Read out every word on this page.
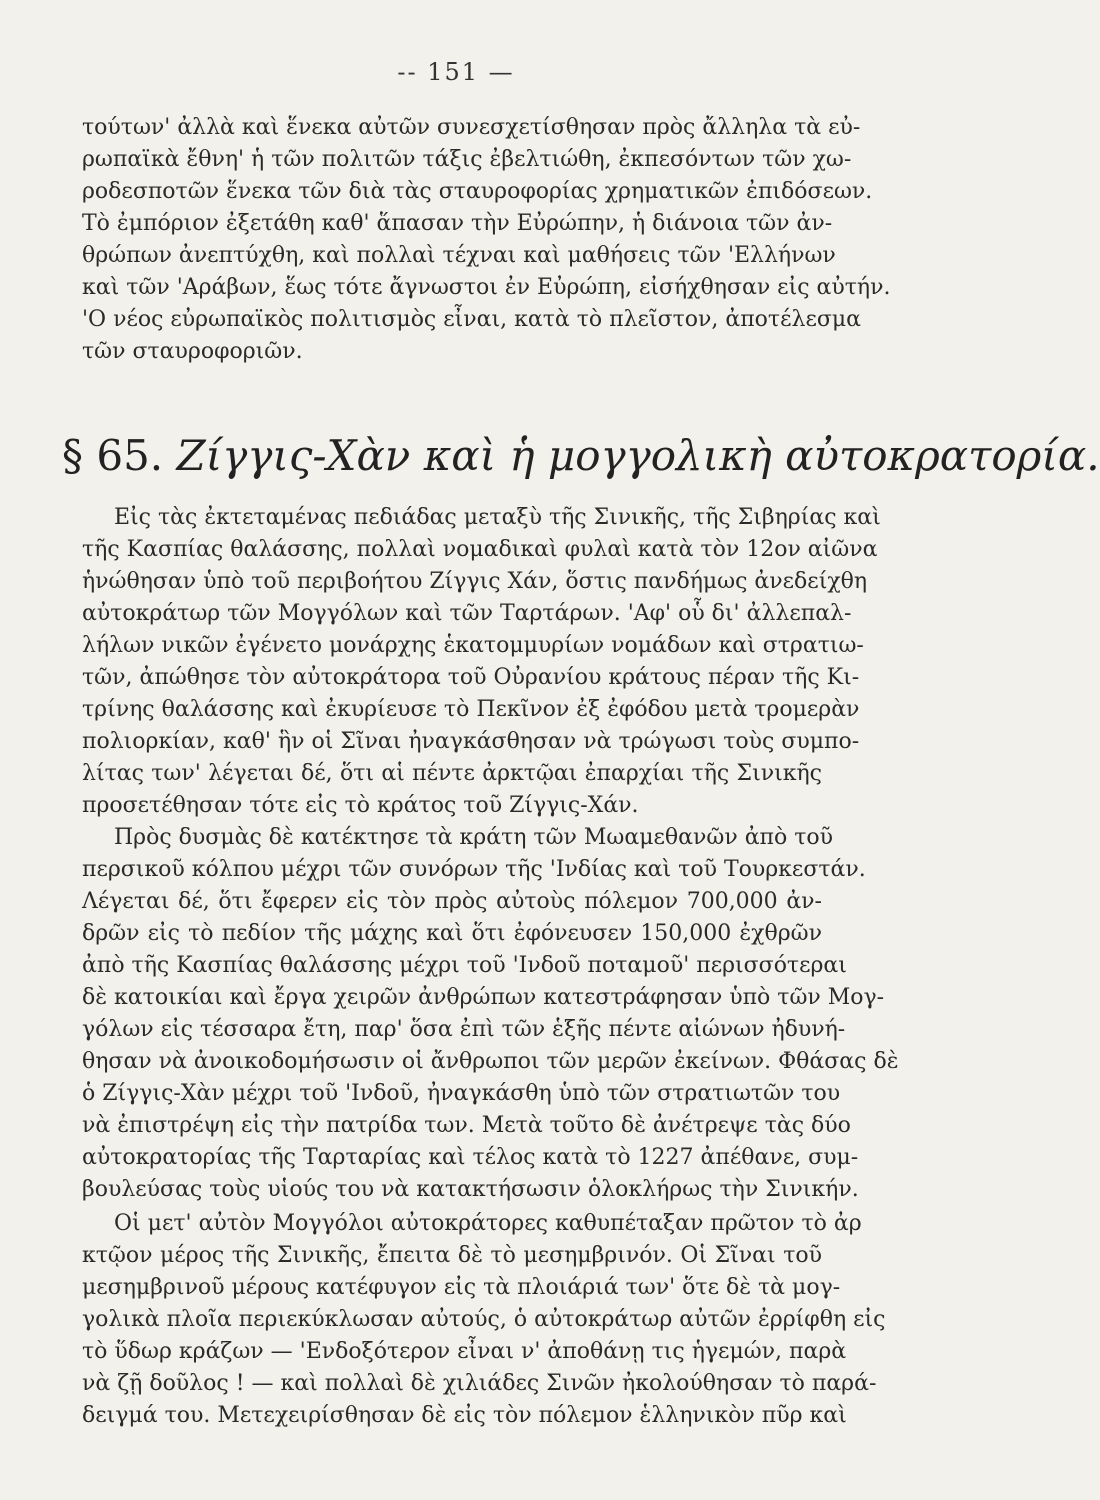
-- 151 —
τούτων' ἀλλὰ καὶ ἕνεκα αὐτῶν συνεσχετίσθησαν πρὸς ἄλληλα τὰ εὐ-
ρωπαϊκὰ ἔθνη' ἡ τῶν πολιτῶν τάξις ἐβελτιώθη, ἐκπεσόντων τῶν χω-
ροδεσποτῶν ἕνεκα τῶν διὰ τὰς σταυροφορίας χρηματικῶν ἐπιδόσεων.
Τὸ ἐμπόριον ἐξετάθη καθ' ἅπασαν τὴν Εὐρώπην, ἡ διάνοια τῶν ἀν-
θρώπων ἀνεπτύχθη, καὶ πολλαὶ τέχναι καὶ μαθήσεις τῶν 'Ελλήνων
καὶ τῶν 'Αράβων, ἕως τότε ἄγνωστοι ἐν Εὐρώπη, εἰσήχθησαν εἰς αὐτήν.
'Ο νέος εὐρωπαϊκὸς πολιτισμὸς εἶναι, κατὰ τὸ πλεῖστον, ἀποτέλεσμα
τῶν σταυροφοριῶν.
§ 65. Ζίγγις-Χὰν καὶ ἡ μογγολικὴ αὐτοκρατορία.
Εἰς τὰς ἐκτεταμένας πεδιάδας μεταξὺ τῆς Σινικῆς, τῆς Σιβηρίας καὶ
τῆς Κασπίας θαλάσσης, πολλαὶ νομαδικαὶ φυλαὶ κατὰ τὸν 12ον αἰῶνα
ἡνώθησαν ὑπὸ τοῦ περιβοήτου Ζίγγις Χάν, ὅστις πανδήμως ἀνεδείχθη
αὐτοκράτωρ τῶν Μογγόλων καὶ τῶν Ταρτάρων. 'Αφ' οὗ δι' ἀλλεπαλ-
λήλων νικῶν ἐγένετο μονάρχης ἑκατομμυρίων νομάδων καὶ στρατιω-
τῶν, ἀπώθησε τὸν αὐτοκράτορα τοῦ Οὐρανίου κράτους πέραν τῆς Κι-
τρίνης θαλάσσης καὶ ἐκυρίευσε τὸ Πεκῖνον ἐξ ἐφόδου μετὰ τρομερὰν
πολιορκίαν, καθ' ἣν οἱ Σῖναι ἠναγκάσθησαν νὰ τρώγωσι τοὺς συμπο-
λίτας των' λέγεται δέ, ὅτι αἱ πέντε ἀρκτῷαι ἐπαρχίαι τῆς Σινικῆς
προσετέθησαν τότε εἰς τὸ κράτος τοῦ Ζίγγις-Χάν.
Πρὸς δυσμὰς δὲ κατέκτησε τὰ κράτη τῶν Μωαμεθανῶν ἀπὸ τοῦ
περσικοῦ κόλπου μέχρι τῶν συνόρων τῆς 'Ινδίας καὶ τοῦ Τουρκεστάν.
Λέγεται δέ, ὅτι ἔφερεν εἰς τὸν πρὸς αὐτοὺς πόλεμον 700,000 ἀν-
δρῶν εἰς τὸ πεδίον τῆς μάχης καὶ ὅτι ἐφόνευσεν 150,000 ἐχθρῶν
ἀπὸ τῆς Κασπίας θαλάσσης μέχρι τοῦ 'Ινδοῦ ποταμοῦ' περισσότεραι
δὲ κατοικίαι καὶ ἔργα χειρῶν ἀνθρώπων κατεστράφησαν ὑπὸ τῶν Μογ-
γόλων εἰς τέσσαρα ἔτη, παρ' ὅσα ἐπὶ τῶν ἑξῆς πέντε αἰώνων ἠδυνή-
θησαν νὰ ἀνοικοδομήσωσιν οἱ ἄνθρωποι τῶν μερῶν ἐκείνων. Φθάσας δὲ
ὁ Ζίγγις-Χὰν μέχρι τοῦ 'Ινδοῦ, ἠναγκάσθη ὑπὸ τῶν στρατιωτῶν του
νὰ ἐπιστρέψη εἰς τὴν πατρίδα των. Μετὰ τοῦτο δὲ ἀνέτρεψε τὰς δύο
αὐτοκρατορίας τῆς Ταρταρίας καὶ τέλος κατὰ τὸ 1227 ἀπέθανε, συμ-
βουλεύσας τοὺς υἱούς του νὰ κατακτήσωσιν ὁλοκλήρως τὴν Σινικήν.
Οἱ μετ' αὐτὸν Μογγόλοι αὐτοκράτορες καθυπέταξαν πρῶτον τὸ ἀρ
κτῷον μέρος τῆς Σινικῆς, ἔπειτα δὲ τὸ μεσημβρινόν. Οἱ Σῖναι τοῦ
μεσημβρινοῦ μέρους κατέφυγον εἰς τὰ πλοιάριά των' ὅτε δὲ τὰ μογ-
γολικὰ πλοῖα περιεκύκλωσαν αὐτούς, ὁ αὐτοκράτωρ αὐτῶν ἐρρίφθη εἰς
τὸ ὕδωρ κράζων — 'Ενδοξότερον εἶναι ν' ἀποθάνῃ τις ἡγεμών, παρὰ
νὰ ζῇ δοῦλος ! — καὶ πολλαὶ δὲ χιλιάδες Σινῶν ἠκολούθησαν τὸ παρά-
δειγμά του. Μετεχειρίσθησαν δὲ εἰς τὸν πόλεμον ἑλληνικὸν πῦρ καὶ
